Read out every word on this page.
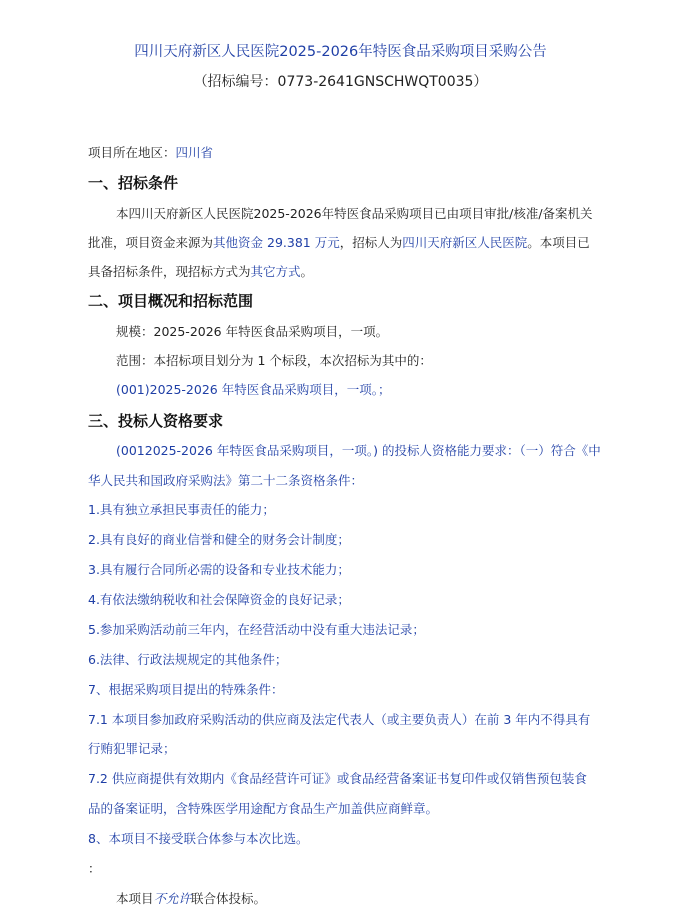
四川天府新区人民医院2025-2026年特医食品采购项目采购公告
（招标编号：0773-2641GNSCHWQT0035）
项目所在地区：四川省
一、招标条件
本四川天府新区人民医院2025-2026年特医食品采购项目已由项目审批/核准/备案机关
批准，项目资金来源为其他资金 29.381 万元，招标人为四川天府新区人民医院。本项目已
具备招标条件，现招标方式为其它方式。
二、项目概况和招标范围
规模：2025-2026 年特医食品采购项目，一项。
范围：本招标项目划分为 1 个标段，本次招标为其中的：
(001)2025-2026 年特医食品采购项目，一项。；
三、投标人资格要求
(0012025-2026 年特医食品采购项目，一项。) 的投标人资格能力要求：（一）符合《中
华人民共和国政府采购法》第二十二条资格条件：
1.具有独立承担民事责任的能力；
2.具有良好的商业信誉和健全的财务会计制度；
3.具有履行合同所必需的设备和专业技术能力；
4.有依法缴纳税收和社会保障资金的良好记录；
5.参加采购活动前三年内，在经营活动中没有重大违法记录；
6.法律、行政法规规定的其他条件；
7、根据采购项目提出的特殊条件：
7.1 本项目参加政府采购活动的供应商及法定代表人（或主要负责人）在前 3 年内不得具有
行贿犯罪记录；
7.2 供应商提供有效期内《食品经营许可证》或食品经营备案证书复印件或仅销售预包装食
品的备案证明，含特殊医学用途配方食品生产加盖供应商鲜章。
8、本项目不接受联合体参与本次比选。
：
本项目不允许联合体投标。
